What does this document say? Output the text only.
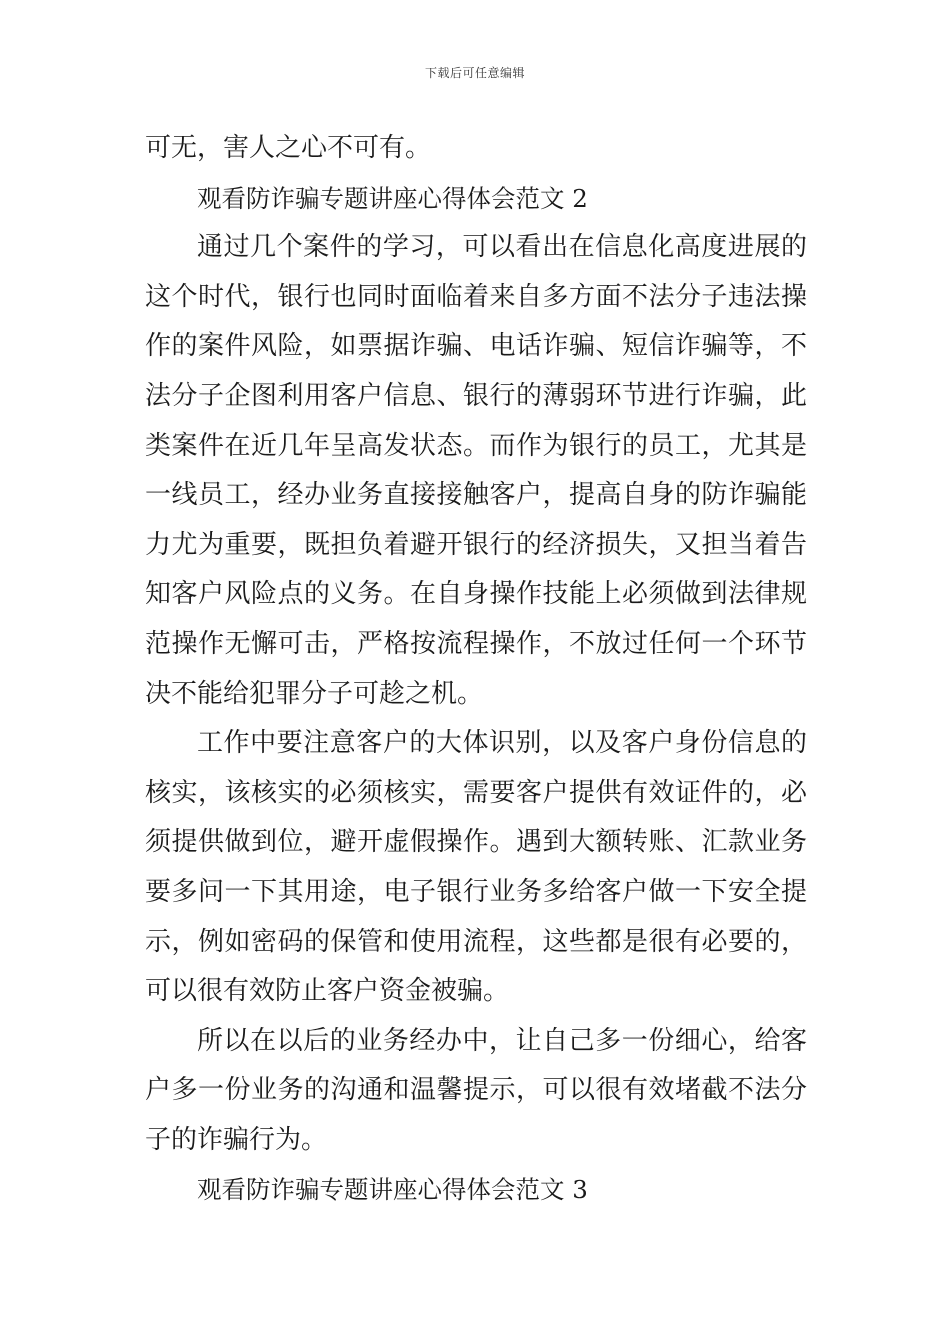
下载后可任意编辑

可无，害人之心不可有。

观看防诈骗专题讲座心得体会范文 2

通过几个案件的学习，可以看出在信息化高度进展的这个时代，银行也同时面临着来自多方面不法分子违法操作的案件风险，如票据诈骗、电话诈骗、短信诈骗等，不法分子企图利用客户信息、银行的薄弱环节进行诈骗，此类案件在近几年呈高发状态。而作为银行的员工，尤其是一线员工，经办业务直接接触客户，提高自身的防诈骗能力尤为重要，既担负着避开银行的经济损失，又担当着告知客户风险点的义务。在自身操作技能上必须做到法律规范操作无懈可击，严格按流程操作，不放过任何一个环节决不能给犯罪分子可趁之机。

工作中要注意客户的大体识别，以及客户身份信息的核实，该核实的必须核实，需要客户提供有效证件的，必须提供做到位，避开虚假操作。遇到大额转账、汇款业务要多问一下其用途，电子银行业务多给客户做一下安全提示，例如密码的保管和使用流程，这些都是很有必要的，可以很有效防止客户资金被骗。

所以在以后的业务经办中，让自己多一份细心，给客户多一份业务的沟通和温馨提示，可以很有效堵截不法分子的诈骗行为。

观看防诈骗专题讲座心得体会范文 3
